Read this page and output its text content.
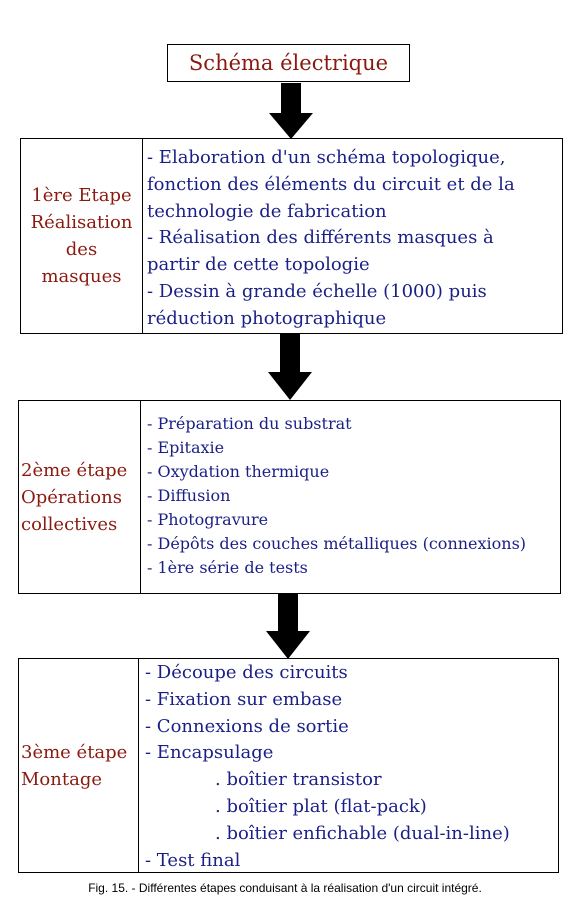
Schéma électrique
1ère Etape
Réalisation
des
masques
- Elaboration d'un schéma topologique,
fonction des éléments du circuit et de la
technologie de fabrication
- Réalisation des différents masques à
partir de cette topologie
- Dessin à grande échelle (1000) puis
réduction photographique
2ème étape
Opérations
collectives
- Préparation du substrat
- Epitaxie
- Oxydation thermique
- Diffusion
- Photogravure
- Dépôts des couches métalliques (connexions)
- 1ère série de tests
3ème étape
Montage
- Découpe des circuits
- Fixation sur embase
- Connexions de sortie
- Encapsulage
. boîtier transistor
. boîtier plat (flat-pack)
. boîtier enfichable (dual-in-line)
- Test final
Fig. 15. - Différentes étapes conduisant à la réalisation d'un circuit intégré.
